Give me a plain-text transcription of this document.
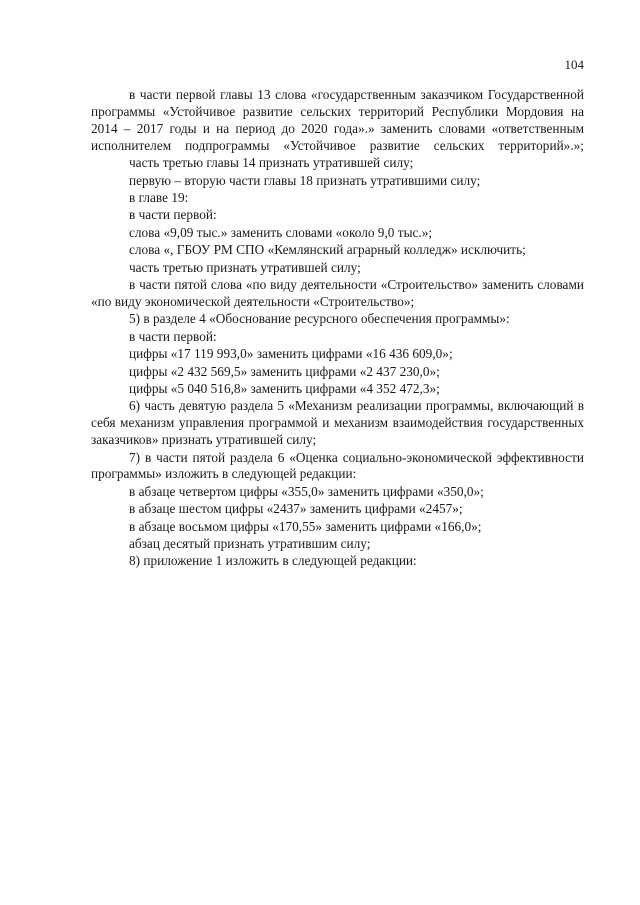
104

в части первой главы 13 слова «государственным заказчиком Государственной программы «Устойчивое развитие сельских территорий Республики Мордовия на 2014 – 2017 годы и на период до 2020 года».» заменить словами «ответственным исполнителем подпрограммы «Устойчивое развитие сельских территорий».»;

часть третью главы 14 признать утратившей силу;

первую – вторую части главы 18 признать утратившими силу;

в главе 19:

в части первой:

слова «9,09 тыс.» заменить словами «около 9,0 тыс.»;

слова «, ГБОУ РМ СПО «Кемлянский аграрный колледж» исключить;

часть третью признать утратившей силу;

в части пятой слова «по виду деятельности «Строительство» заменить словами «по виду экономической деятельности «Строительство»;

5) в разделе 4 «Обоснование ресурсного обеспечения программы»:

в части первой:

цифры «17 119 993,0» заменить цифрами «16 436 609,0»;

цифры «2 432 569,5» заменить цифрами «2 437 230,0»;

цифры «5 040 516,8» заменить цифрами «4 352 472,3»;

6) часть девятую раздела 5 «Механизм реализации программы, включающий в себя механизм управления программой и механизм взаимодействия государственных заказчиков» признать утратившей силу;

7) в части пятой раздела 6 «Оценка социально-экономической эффективности программы» изложить в следующей редакции:

в абзаце четвертом цифры «355,0» заменить цифрами «350,0»;

в абзаце шестом цифры «2437» заменить цифрами «2457»;

в абзаце восьмом цифры «170,55» заменить цифрами «166,0»;

абзац десятый признать утратившим силу;

8) приложение 1 изложить в следующей редакции:
